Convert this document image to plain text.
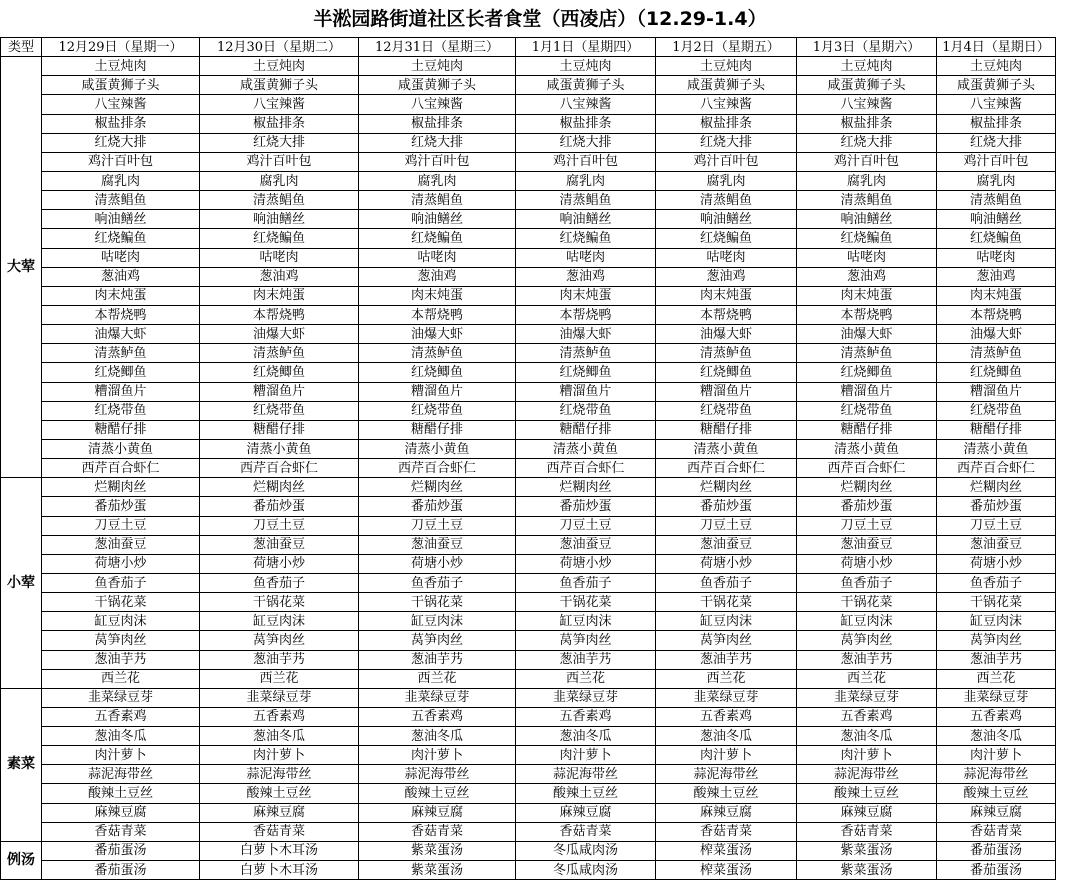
半淞园路街道社区长者食堂（西凌店）（12.29-1.4）
类型	12月29日（星期一）	12月30日（星期二）	12月31日（星期三）	1月1日（星期四）	1月2日（星期五）	1月3日（星期六）	1月4日（星期日）
大荤	土豆炖肉	土豆炖肉	土豆炖肉	土豆炖肉	土豆炖肉	土豆炖肉	土豆炖肉
	咸蛋黄狮子头	咸蛋黄狮子头	咸蛋黄狮子头	咸蛋黄狮子头	咸蛋黄狮子头	咸蛋黄狮子头	咸蛋黄狮子头
	八宝辣酱	八宝辣酱	八宝辣酱	八宝辣酱	八宝辣酱	八宝辣酱	八宝辣酱
	椒盐排条	椒盐排条	椒盐排条	椒盐排条	椒盐排条	椒盐排条	椒盐排条
	红烧大排	红烧大排	红烧大排	红烧大排	红烧大排	红烧大排	红烧大排
	鸡汁百叶包	鸡汁百叶包	鸡汁百叶包	鸡汁百叶包	鸡汁百叶包	鸡汁百叶包	鸡汁百叶包
	腐乳肉	腐乳肉	腐乳肉	腐乳肉	腐乳肉	腐乳肉	腐乳肉
	清蒸鲳鱼	清蒸鲳鱼	清蒸鲳鱼	清蒸鲳鱼	清蒸鲳鱼	清蒸鲳鱼	清蒸鲳鱼
	响油鳝丝	响油鳝丝	响油鳝丝	响油鳝丝	响油鳝丝	响油鳝丝	响油鳝丝
	红烧鳊鱼	红烧鳊鱼	红烧鳊鱼	红烧鳊鱼	红烧鳊鱼	红烧鳊鱼	红烧鳊鱼
	咕咾肉	咕咾肉	咕咾肉	咕咾肉	咕咾肉	咕咾肉	咕咾肉
	葱油鸡	葱油鸡	葱油鸡	葱油鸡	葱油鸡	葱油鸡	葱油鸡
	肉末炖蛋	肉末炖蛋	肉末炖蛋	肉末炖蛋	肉末炖蛋	肉末炖蛋	肉末炖蛋
	本帮烧鸭	本帮烧鸭	本帮烧鸭	本帮烧鸭	本帮烧鸭	本帮烧鸭	本帮烧鸭
	油爆大虾	油爆大虾	油爆大虾	油爆大虾	油爆大虾	油爆大虾	油爆大虾
	清蒸鲈鱼	清蒸鲈鱼	清蒸鲈鱼	清蒸鲈鱼	清蒸鲈鱼	清蒸鲈鱼	清蒸鲈鱼
	红烧鲫鱼	红烧鲫鱼	红烧鲫鱼	红烧鲫鱼	红烧鲫鱼	红烧鲫鱼	红烧鲫鱼
	糟溜鱼片	糟溜鱼片	糟溜鱼片	糟溜鱼片	糟溜鱼片	糟溜鱼片	糟溜鱼片
	红烧带鱼	红烧带鱼	红烧带鱼	红烧带鱼	红烧带鱼	红烧带鱼	红烧带鱼
	糖醋仔排	糖醋仔排	糖醋仔排	糖醋仔排	糖醋仔排	糖醋仔排	糖醋仔排
	清蒸小黄鱼	清蒸小黄鱼	清蒸小黄鱼	清蒸小黄鱼	清蒸小黄鱼	清蒸小黄鱼	清蒸小黄鱼
	西芹百合虾仁	西芹百合虾仁	西芹百合虾仁	西芹百合虾仁	西芹百合虾仁	西芹百合虾仁	西芹百合虾仁
小荤	烂糊肉丝	烂糊肉丝	烂糊肉丝	烂糊肉丝	烂糊肉丝	烂糊肉丝	烂糊肉丝
	番茄炒蛋	番茄炒蛋	番茄炒蛋	番茄炒蛋	番茄炒蛋	番茄炒蛋	番茄炒蛋
	刀豆土豆	刀豆土豆	刀豆土豆	刀豆土豆	刀豆土豆	刀豆土豆	刀豆土豆
	葱油蚕豆	葱油蚕豆	葱油蚕豆	葱油蚕豆	葱油蚕豆	葱油蚕豆	葱油蚕豆
	荷塘小炒	荷塘小炒	荷塘小炒	荷塘小炒	荷塘小炒	荷塘小炒	荷塘小炒
	鱼香茄子	鱼香茄子	鱼香茄子	鱼香茄子	鱼香茄子	鱼香茄子	鱼香茄子
	干锅花菜	干锅花菜	干锅花菜	干锅花菜	干锅花菜	干锅花菜	干锅花菜
	缸豆肉沫	缸豆肉沫	缸豆肉沫	缸豆肉沫	缸豆肉沫	缸豆肉沫	缸豆肉沫
	莴笋肉丝	莴笋肉丝	莴笋肉丝	莴笋肉丝	莴笋肉丝	莴笋肉丝	莴笋肉丝
	葱油芋艿	葱油芋艿	葱油芋艿	葱油芋艿	葱油芋艿	葱油芋艿	葱油芋艿
	西兰花	西兰花	西兰花	西兰花	西兰花	西兰花	西兰花
素菜	韭菜绿豆芽	韭菜绿豆芽	韭菜绿豆芽	韭菜绿豆芽	韭菜绿豆芽	韭菜绿豆芽	韭菜绿豆芽
	五香素鸡	五香素鸡	五香素鸡	五香素鸡	五香素鸡	五香素鸡	五香素鸡
	葱油冬瓜	葱油冬瓜	葱油冬瓜	葱油冬瓜	葱油冬瓜	葱油冬瓜	葱油冬瓜
	肉汁萝卜	肉汁萝卜	肉汁萝卜	肉汁萝卜	肉汁萝卜	肉汁萝卜	肉汁萝卜
	蒜泥海带丝	蒜泥海带丝	蒜泥海带丝	蒜泥海带丝	蒜泥海带丝	蒜泥海带丝	蒜泥海带丝
	酸辣土豆丝	酸辣土豆丝	酸辣土豆丝	酸辣土豆丝	酸辣土豆丝	酸辣土豆丝	酸辣土豆丝
	麻辣豆腐	麻辣豆腐	麻辣豆腐	麻辣豆腐	麻辣豆腐	麻辣豆腐	麻辣豆腐
	香菇青菜	香菇青菜	香菇青菜	香菇青菜	香菇青菜	香菇青菜	香菇青菜
例汤	番茄蛋汤	白萝卜木耳汤	紫菜蛋汤	冬瓜咸肉汤	榨菜蛋汤	紫菜蛋汤	番茄蛋汤
	番茄蛋汤	白萝卜木耳汤	紫菜蛋汤	冬瓜咸肉汤	榨菜蛋汤	紫菜蛋汤	番茄蛋汤
